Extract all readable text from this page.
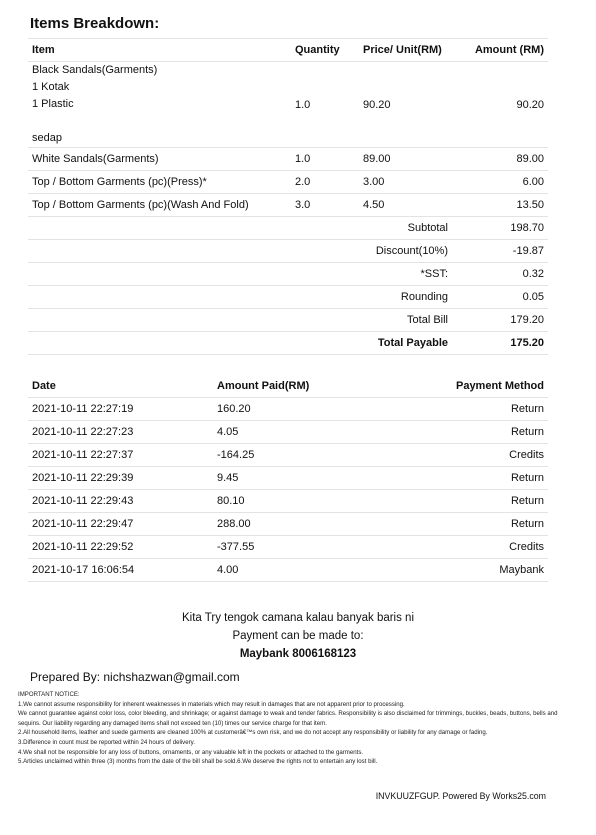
Items Breakdown:
Item	Quantity	Price/ Unit(RM)	Amount (RM)

Black Sandals(Garments)
1 Kotak
1 Plastic
sedap	1.0	90.20	90.20
White Sandals(Garments)	1.0	89.00	89.00
Top / Bottom Garments (pc)(Press)*	2.0	3.00	6.00
Top / Bottom Garments (pc)(Wash And Fold)	3.0	4.50	13.50
Subtotal			198.70
Discount(10%)			-19.87
*SST:			0.32
Rounding			0.05
Total Bill			179.20
Total Payable			175.20
Date	Amount Paid(RM)	Payment Method
2021-10-11 22:27:19	160.20	Return
2021-10-11 22:27:23	4.05	Return
2021-10-11 22:27:37	-164.25	Credits
2021-10-11 22:29:39	9.45	Return
2021-10-11 22:29:43	80.10	Return
2021-10-11 22:29:47	288.00	Return
2021-10-11 22:29:52	-377.55	Credits
2021-10-17 16:06:54	4.00	Maybank
Kita Try tengok camana kalau banyak baris ni
Payment can be made to:
Maybank 8006168123
Prepared By: nichshazwan@gmail.com

IMPORTANT NOTICE:

1.We cannot assume responsibility for inherent weaknesses in materials which may result in damages that are not apparent prior to processing.

We cannot guarantee against color loss, color bleeding, and shrinkage; or against damage to weak and tender fabrics. Responsibility is also disclaimed for trimmings, buckles, beads, buttons, bells and sequins. Our liability regarding any damaged items shall not exceed ten (10) times our service charge for that item.

2.All household items, leather and suede garments are cleaned 100% at customerâ€™s own risk, and we do not accept any responsibility or liability for any damage or fading.

3.Difference in count must be reported within 24 hours of delivery.

4.We shall not be responsible for any loss of buttons, ornaments, or any valuable left in the pockets or attached to the garments.

5.Articles unclaimed within three (3) months from the date of the bill shall be sold.6.We deserve the rights not to entertain any lost bill.

INVKUUZFGUP. Powered By Works25.com
